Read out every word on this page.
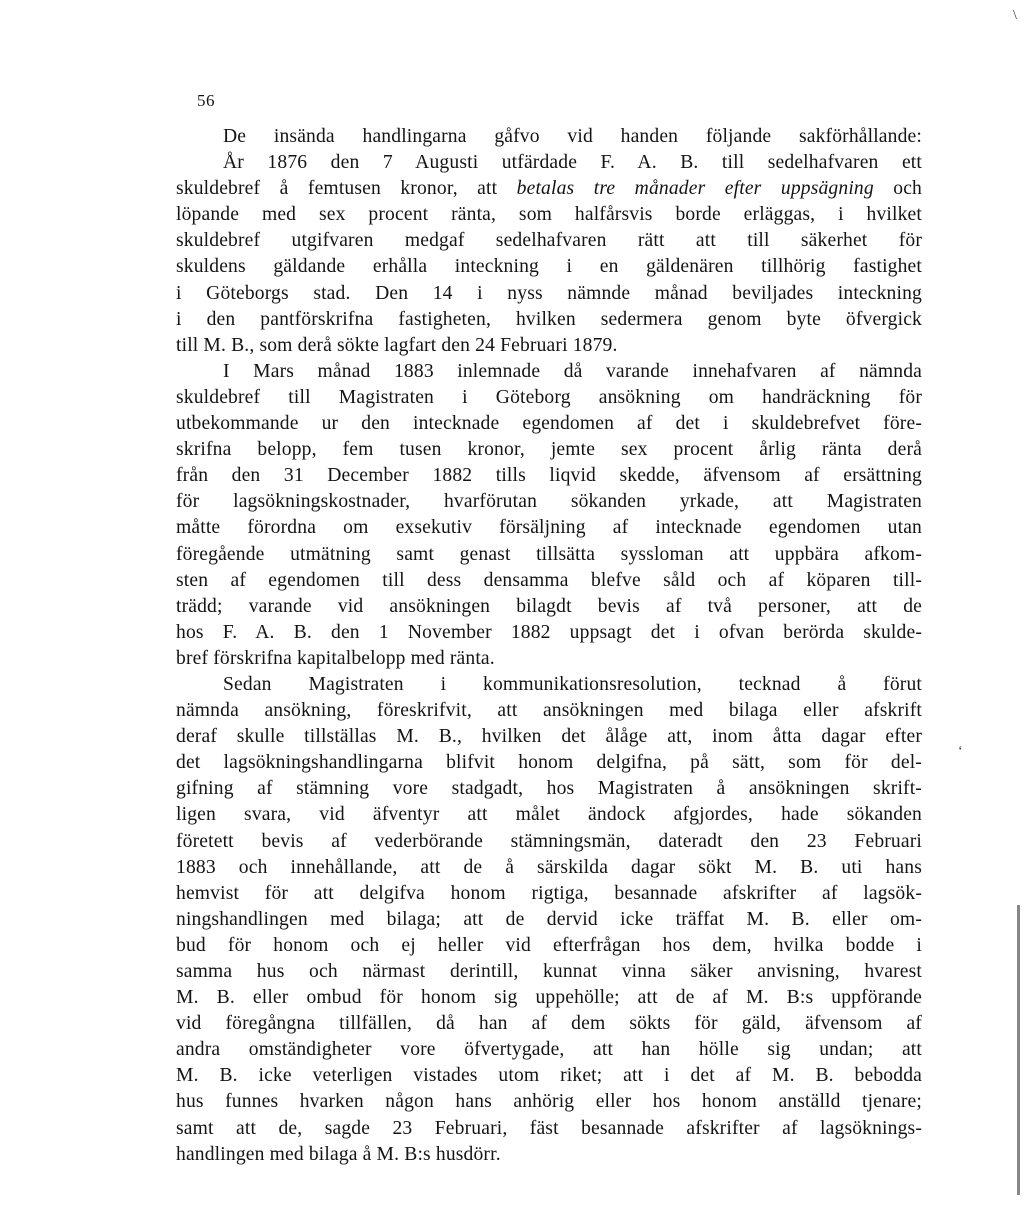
56
De insända handlingarna gåfvo vid handen följande sakförhållande:
År 1876 den 7 Augusti utfärdade F. A. B. till sedelhafvaren ett
skuldebref å femtusen kronor, att betalas tre månader efter uppsägning och
löpande med sex procent ränta, som halfårsvis borde erläggas, i hvilket
skuldebref utgifvaren medgaf sedelhafvaren rätt att till säkerhet för
skuldens gäldande erhålla inteckning i en gäldenären tillhörig fastighet
i Göteborgs stad. Den 14 i nyss nämnde månad beviljades inteckning
i den pantförskrifna fastigheten, hvilken sedermera genom byte öfvergick
till M. B., som derå sökte lagfart den 24 Februari 1879.
I Mars månad 1883 inlemnade då varande innehafvaren af nämnda
skuldebref till Magistraten i Göteborg ansökning om handräckning för
utbekommande ur den intecknade egendomen af det i skuldebrefvet före-
skrifna belopp, fem tusen kronor, jemte sex procent årlig ränta derå
från den 31 December 1882 tills liqvid skedde, äfvensom af ersättning
för lagsökningskostnader, hvarförutan sökanden yrkade, att Magistraten
måtte förordna om exsekutiv försäljning af intecknade egendomen utan
föregående utmätning samt genast tillsätta syssloman att uppbära afkom-
sten af egendomen till dess densamma blefve såld och af köparen till-
trädd; varande vid ansökningen bilagdt bevis af två personer, att de
hos F. A. B. den 1 November 1882 uppsagt det i ofvan berörda skulde-
bref förskrifna kapitalbelopp med ränta.
Sedan Magistraten i kommunikationsresolution, tecknad å förut
nämnda ansökning, föreskrifvit, att ansökningen med bilaga eller afskrift
deraf skulle tillställas M. B., hvilken det ålåge att, inom åtta dagar efter
det lagsökningshandlingarna blifvit honom delgifna, på sätt, som för del-
gifning af stämning vore stadgadt, hos Magistraten å ansökningen skrift-
ligen svara, vid äfventyr att målet ändock afgjordes, hade sökanden
företett bevis af vederbörande stämningsmän, dateradt den 23 Februari
1883 och innehållande, att de å särskilda dagar sökt M. B. uti hans
hemvist för att delgifva honom rigtiga, besannade afskrifter af lagsök-
ningshandlingen med bilaga; att de dervid icke träffat M. B. eller om-
bud för honom och ej heller vid efterfrågan hos dem, hvilka bodde i
samma hus och närmast derintill, kunnat vinna säker anvisning, hvarest
M. B. eller ombud för honom sig uppehölle; att de af M. B:s uppförande
vid föregångna tillfällen, då han af dem sökts för gäld, äfvensom af
andra omständigheter vore öfvertygade, att han hölle sig undan; att
M. B. icke veterligen vistades utom riket; att i det af M. B. bebodda
hus funnes hvarken någon hans anhörig eller hos honom anställd tjenare;
samt att de, sagde 23 Februari, fäst besannade afskrifter af lagsöknings-
handlingen med bilaga å M. B:s husdörr.
\
‘
